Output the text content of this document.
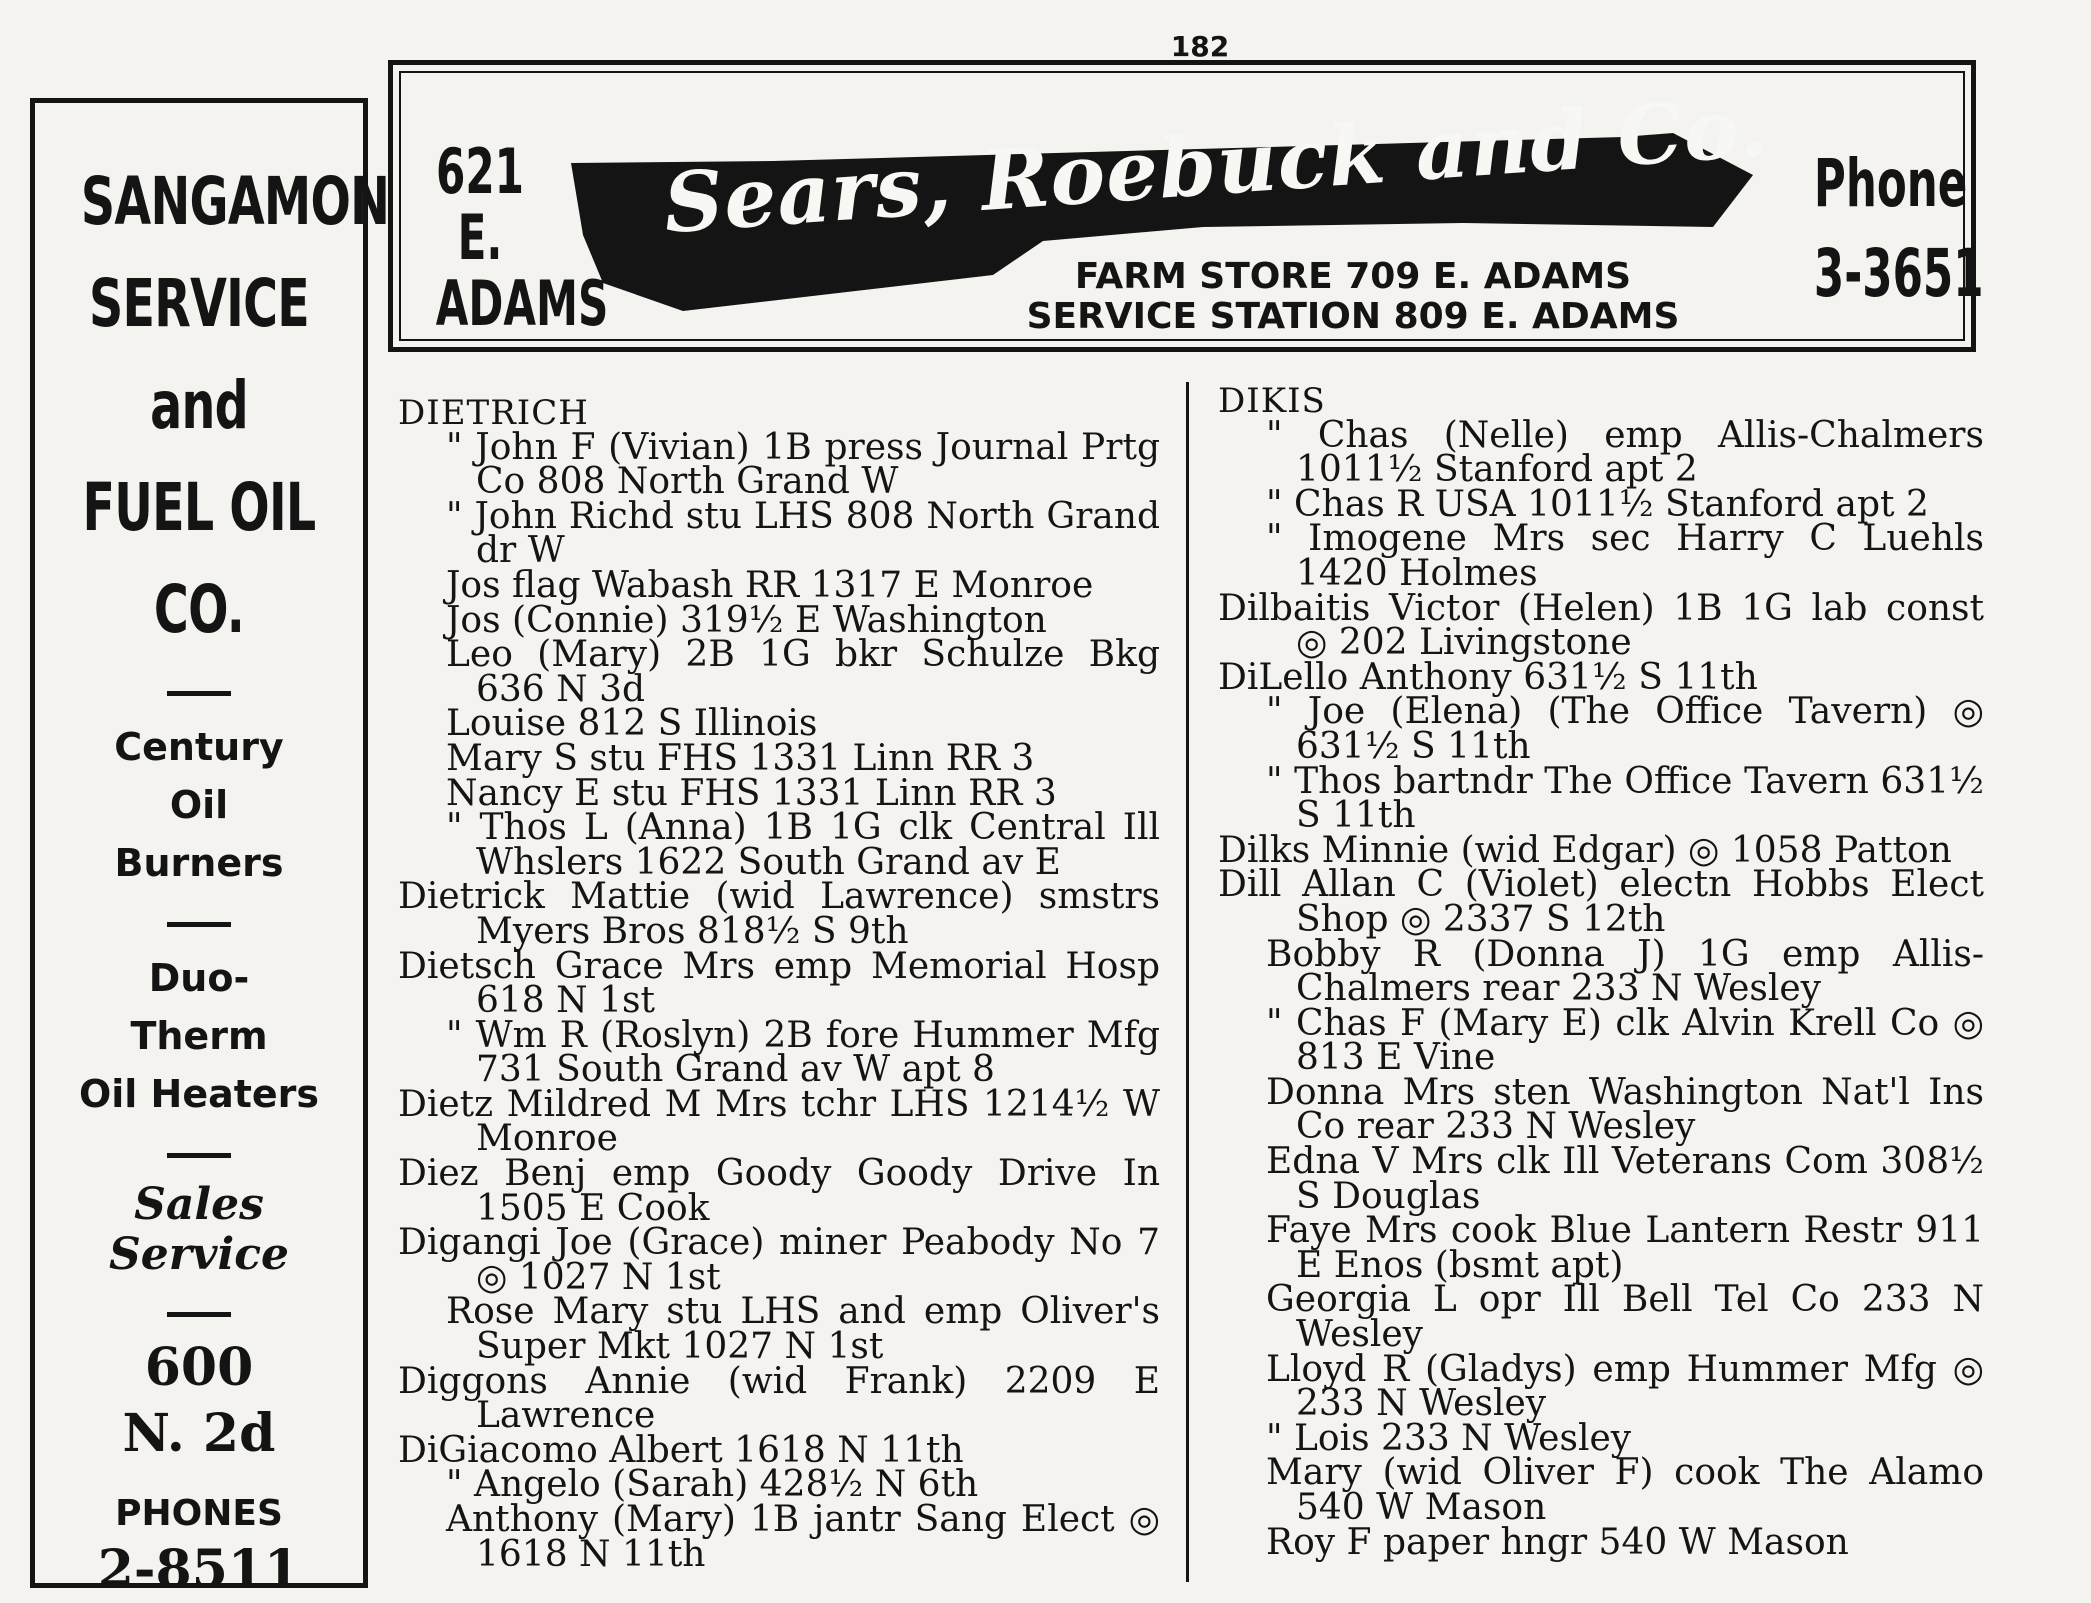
182
SANGAMON
SERVICE
and
FUEL OIL
CO.
Century
Oil
Burners
Duo-
Therm
Oil Heaters
Sales
Service
600
N. 2d
PHONES
2-8511
621
E.
ADAMS
Sears, Roebuck and Co.
FARM STORE 709 E. ADAMS
SERVICE STATION 809 E. ADAMS
Phone
3-3651
DIETRICH
" John F (Vivian) 1B press Journal Prtg Co 808 North Grand W
" John Richd stu LHS 808 North Grand dr W
Jos flag Wabash RR 1317 E Monroe
Jos (Connie) 319½ E Washington
Leo (Mary) 2B 1G bkr Schulze Bkg 636 N 3d
Louise 812 S Illinois
Mary S stu FHS 1331 Linn RR 3
Nancy E stu FHS 1331 Linn RR 3
" Thos L (Anna) 1B 1G clk Central Ill Whslers 1622 South Grand av E
Dietrick Mattie (wid Lawrence) smstrs Myers Bros 818½ S 9th
Dietsch Grace Mrs emp Memorial Hosp 618 N 1st
" Wm R (Roslyn) 2B fore Hummer Mfg 731 South Grand av W apt 8
Dietz Mildred M Mrs tchr LHS 1214½ W Monroe
Diez Benj emp Goody Goody Drive In 1505 E Cook
Digangi Joe (Grace) miner Peabody No 7 ◎ 1027 N 1st
Rose Mary stu LHS and emp Oliver's Super Mkt 1027 N 1st
Diggons Annie (wid Frank) 2209 E Lawrence
DiGiacomo Albert 1618 N 11th
" Angelo (Sarah) 428½ N 6th
Anthony (Mary) 1B jantr Sang Elect ◎ 1618 N 11th
DIKIS
" Chas (Nelle) emp Allis-Chalmers 1011½ Stanford apt 2
" Chas R USA 1011½ Stanford apt 2
" Imogene Mrs sec Harry C Luehls 1420 Holmes
Dilbaitis Victor (Helen) 1B 1G lab const ◎ 202 Livingstone
DiLello Anthony 631½ S 11th
" Joe (Elena) (The Office Tavern) ◎ 631½ S 11th
" Thos bartndr The Office Tavern 631½ S 11th
Dilks Minnie (wid Edgar) ◎ 1058 Patton
Dill Allan C (Violet) electn Hobbs Elect Shop ◎ 2337 S 12th
Bobby R (Donna J) 1G emp Allis-Chalmers rear 233 N Wesley
" Chas F (Mary E) clk Alvin Krell Co ◎ 813 E Vine
Donna Mrs sten Washington Nat'l Ins Co rear 233 N Wesley
Edna V Mrs clk Ill Veterans Com 308½ S Douglas
Faye Mrs cook Blue Lantern Restr 911 E Enos (bsmt apt)
Georgia L opr Ill Bell Tel Co 233 N Wesley
Lloyd R (Gladys) emp Hummer Mfg ◎ 233 N Wesley
" Lois 233 N Wesley
Mary (wid Oliver F) cook The Alamo 540 W Mason
Roy F paper hngr 540 W Mason
